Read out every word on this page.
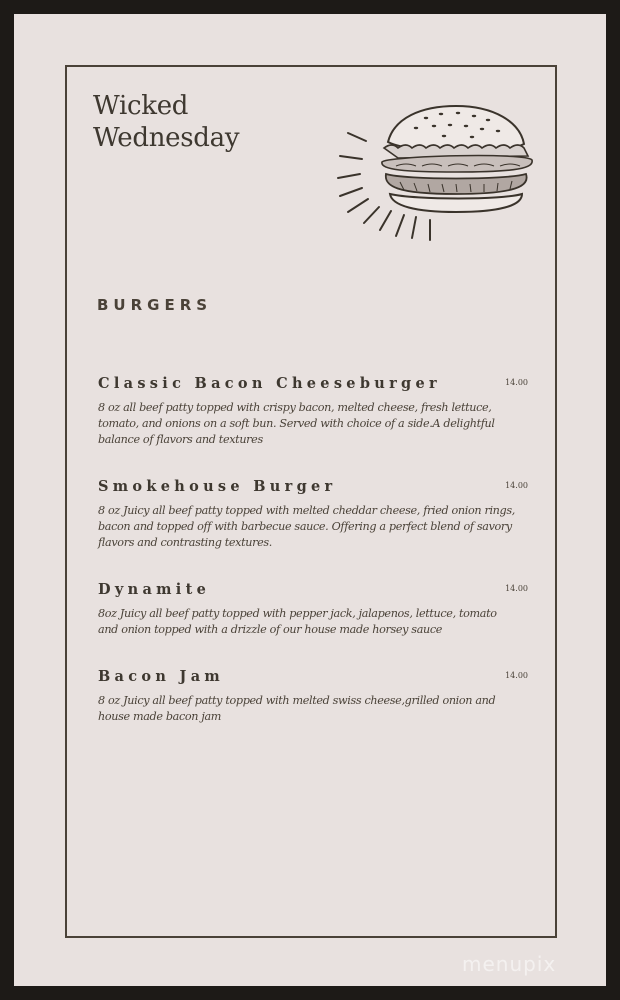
Wicked
Wednesday
BURGERS
Classic Bacon Cheeseburger	14.00

8 oz all beef patty topped with crispy bacon, melted cheese, fresh lettuce, tomato, and onions on a soft bun. Served with choice of a side.A delightful balance of flavors and textures

Smokehouse Burger	14.00

8 oz Juicy all beef patty topped with melted cheddar cheese, fried onion rings, bacon and topped off with barbecue sauce. Offering a perfect blend of savory flavors and contrasting textures.

Dynamite	14.00

8oz Juicy all beef patty topped with pepper jack, jalapenos, lettuce, tomato and onion topped with a drizzle of our house made horsey sauce

Bacon Jam	14.00

8 oz Juicy all beef patty topped with melted swiss cheese,grilled onion and house made bacon jam

menupix
